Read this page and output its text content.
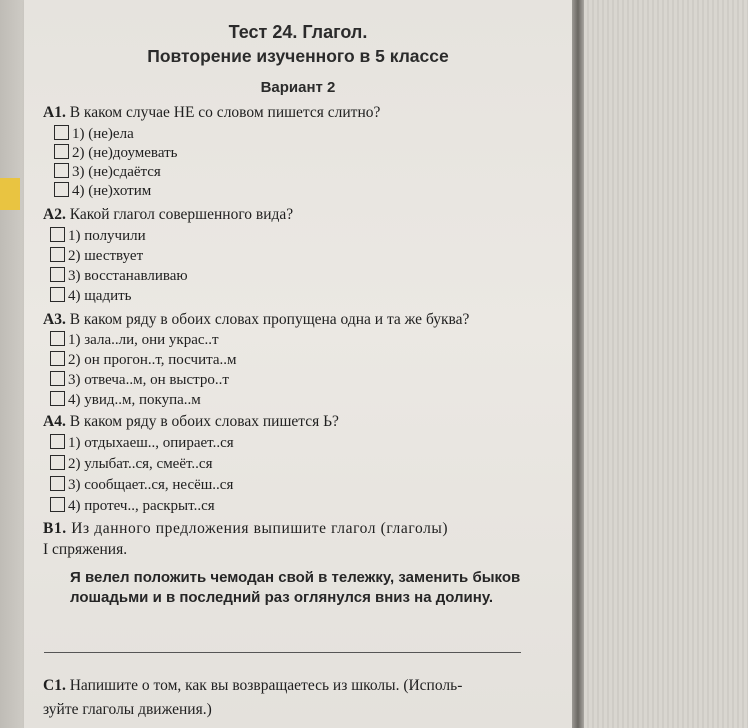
Тест 24. Глагол.
Повторение изученного в 5 классе
Вариант 2
А1. В каком случае НЕ со словом пишется слитно?
1) (не)ела
2) (не)доумевать
3) (не)сдаётся
4) (не)хотим
А2. Какой глагол совершенного вида?
1) получили
2) шествует
3) восстанавливаю
4) щадить
А3. В каком ряду в обоих словах пропущена одна и та же буква?
1) зала..ли, они украс..т
2) он прогон..т, посчита..м
3) отвеча..м, он выстро..т
4) увид..м, покупа..м
А4. В каком ряду в обоих словах пишется Ь?
1) отдыхаеш.., опирает..ся
2) улыбат..ся, смеёт..ся
3) сообщает..ся, несёш..ся
4) протеч.., раскрыт..ся
В1. Из данного предложения выпишите глагол (глаголы)
I спряжения.
Я велел положить чемодан свой в тележку, заменить быков лошадьми и в последний раз оглянулся вниз на долину.
С1. Напишите о том, как вы возвращаетесь из школы. (Исполь-
зуйте глаголы движения.)
